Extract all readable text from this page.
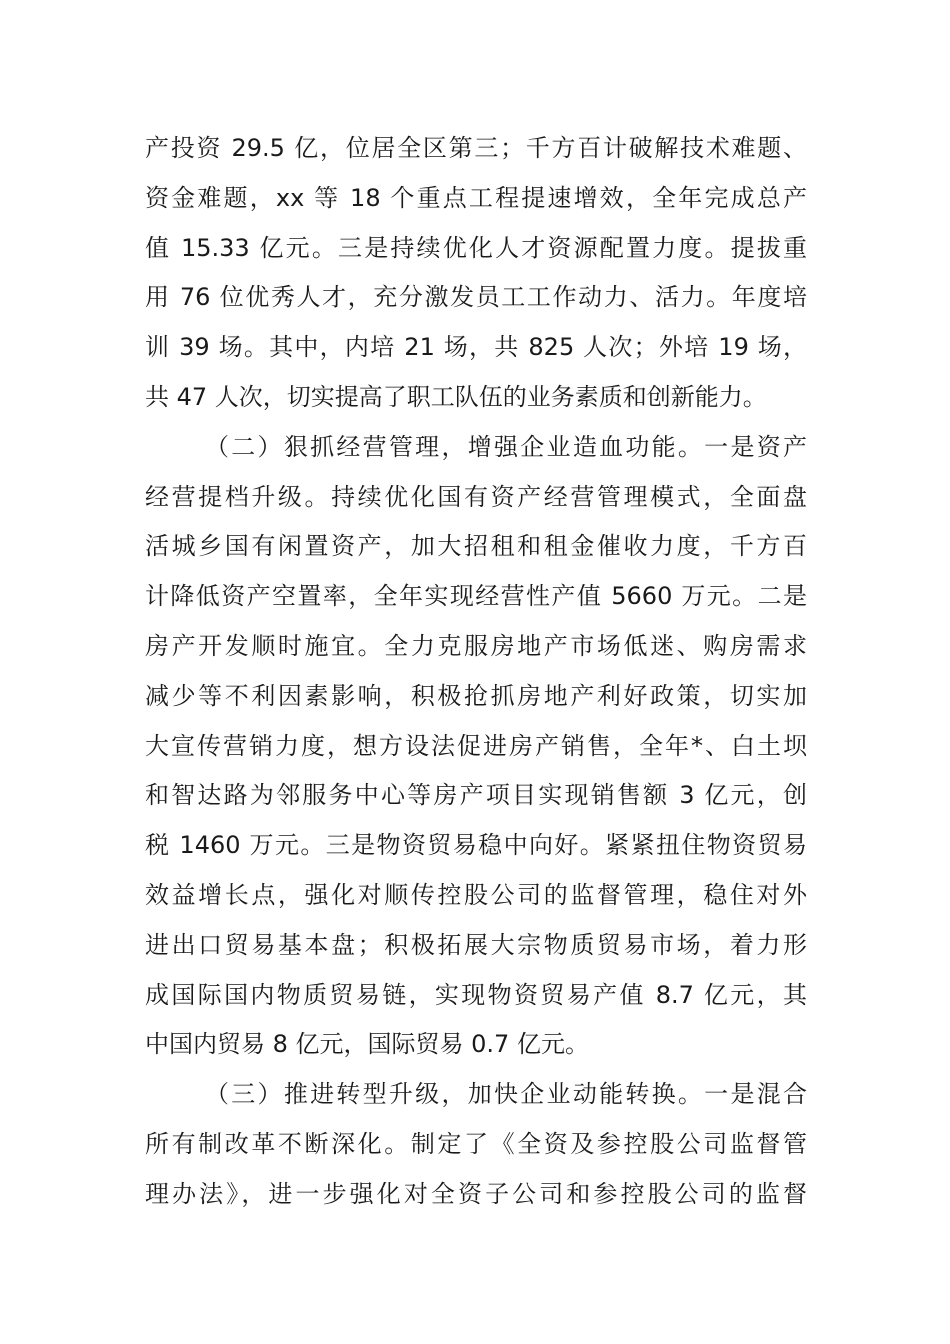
产投资 29.5 亿，位居全区第三；千方百计破解技术难题、
资金难题，xx 等 18 个重点工程提速增效，全年完成总产
值 15.33 亿元。三是持续优化人才资源配置力度。提拔重
用 76 位优秀人才，充分激发员工工作动力、活力。年度培
训 39 场。其中，内培 21 场，共 825 人次；外培 19 场，
共 47 人次，切实提高了职工队伍的业务素质和创新能力。
（二）狠抓经营管理，增强企业造血功能。一是资产
经营提档升级。持续优化国有资产经营管理模式，全面盘
活城乡国有闲置资产，加大招租和租金催收力度，千方百
计降低资产空置率，全年实现经营性产值 5660 万元。二是
房产开发顺时施宜。全力克服房地产市场低迷、购房需求
减少等不利因素影响，积极抢抓房地产利好政策，切实加
大宣传营销力度，想方设法促进房产销售，全年*、白土坝
和智达路为邻服务中心等房产项目实现销售额 3 亿元，创
税 1460 万元。三是物资贸易稳中向好。紧紧扭住物资贸易
效益增长点，强化对顺传控股公司的监督管理，稳住对外
进出口贸易基本盘；积极拓展大宗物质贸易市场，着力形
成国际国内物质贸易链，实现物资贸易产值 8.7 亿元，其
中国内贸易 8 亿元，国际贸易 0.7 亿元。
（三）推进转型升级，加快企业动能转换。一是混合
所有制改革不断深化。制定了《全资及参控股公司监督管
理办法》，进一步强化对全资子公司和参控股公司的监督
